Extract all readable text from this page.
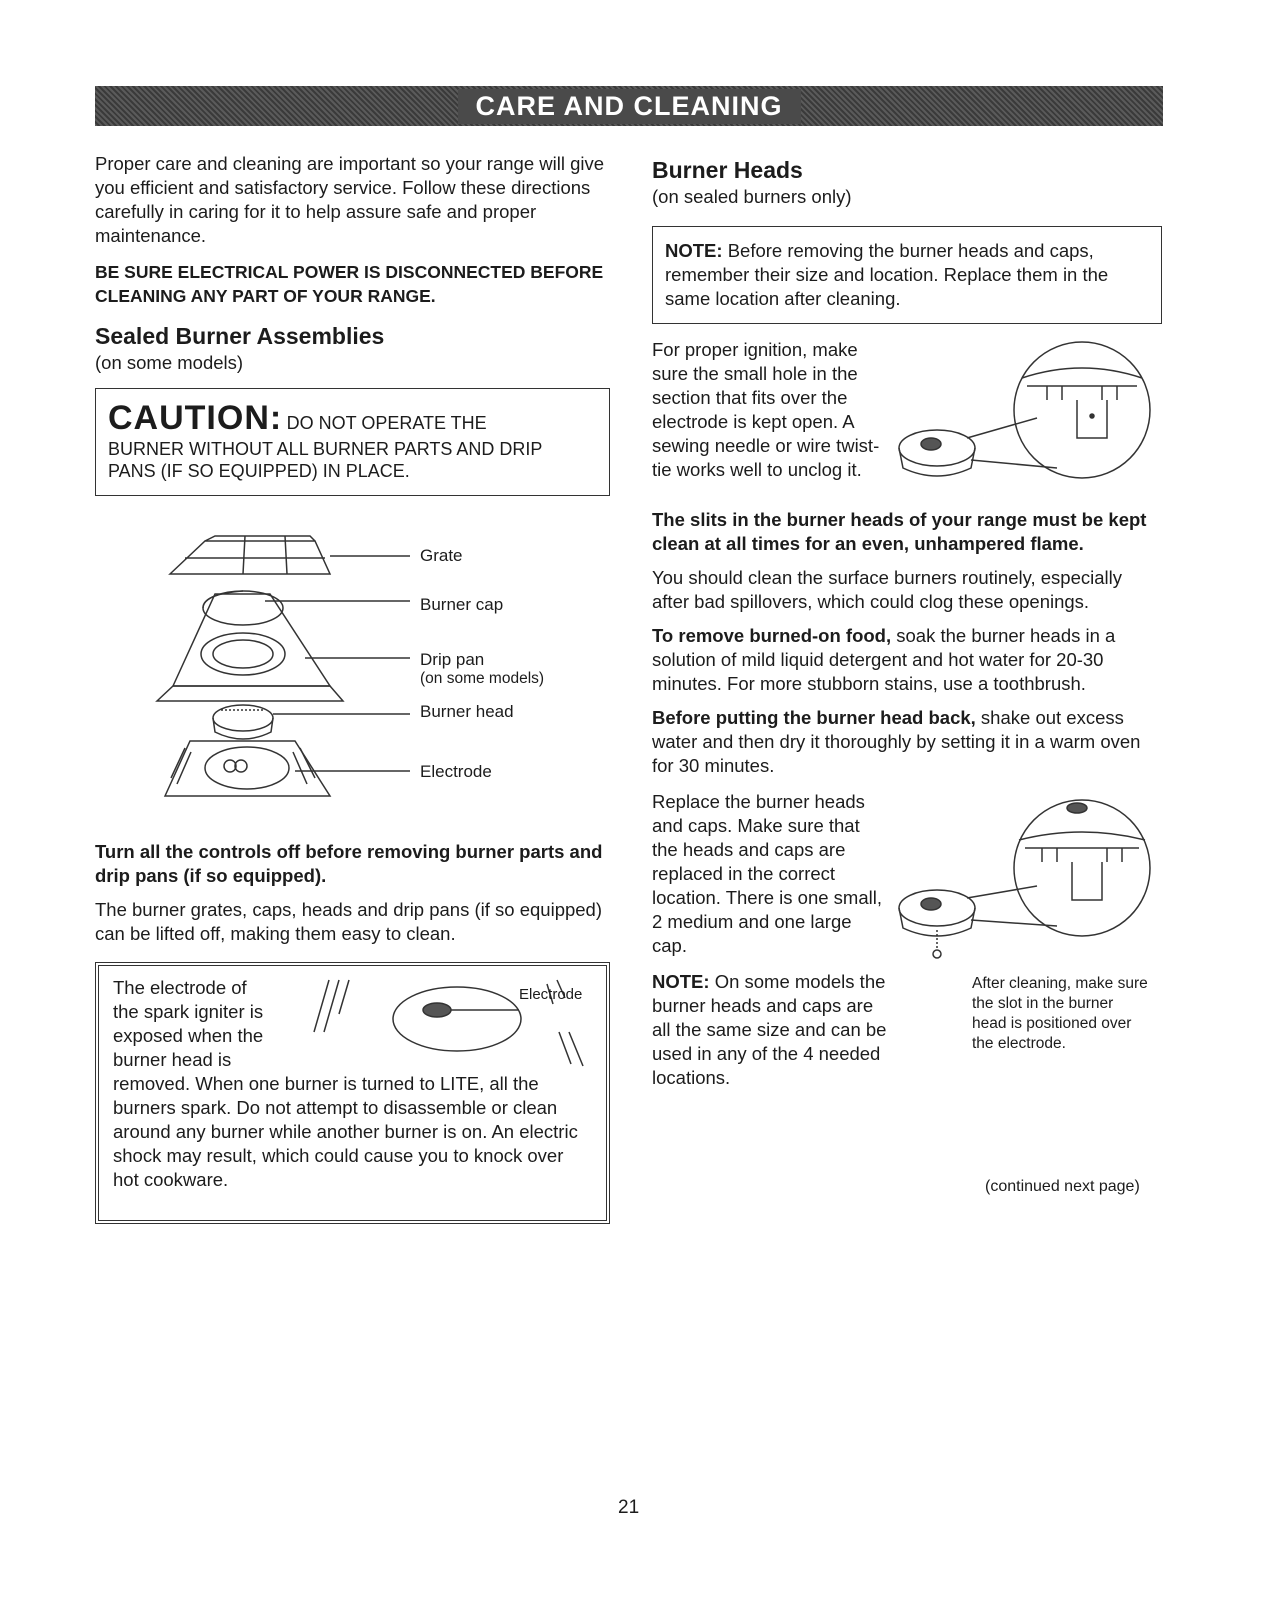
CARE AND CLEANING

Proper care and cleaning are important so your range will give you efficient and satisfactory service. Follow these directions carefully in caring for it to help assure safe and proper maintenance.

BE SURE ELECTRICAL POWER IS DISCONNECTED BEFORE CLEANING ANY PART OF YOUR RANGE.

Sealed Burner Assemblies

(on some models)

CAUTION: DO NOT OPERATE THE
BURNER WITHOUT ALL BURNER PARTS AND DRIP
PANS (IF SO EQUIPPED) IN PLACE.
Grate
Burner cap
Drip pan
(on some models)
Burner head
Electrode

Turn all the controls off before removing burner parts and drip pans (if so equipped).

The burner grates, caps, heads and drip pans (if so equipped) can be lifted off, making them easy to clean.

Electrode
The electrode of
the spark igniter is
exposed when the
burner head is
removed. When one burner is turned to LITE, all the burners spark. Do not attempt to disassemble or clean around any burner while another burner is on. An electric shock may result, which could cause you to knock over hot cookware.

Burner Heads

(on sealed burners only)

NOTE: Before removing the burner heads and caps, remember their size and location. Replace them in the same location after cleaning.

For proper ignition, make sure the small hole in the section that fits over the electrode is kept open. A sewing needle or wire twist-tie works well to unclog it.

The slits in the burner heads of your range must be kept clean at all times for an even, unhampered flame.

You should clean the surface burners routinely, especially after bad spillovers, which could clog these openings.

To remove burned-on food, soak the burner heads in a solution of mild liquid detergent and hot water for 20-30 minutes. For more stubborn stains, use a toothbrush.

Before putting the burner head back, shake out excess water and then dry it thoroughly by setting it in a warm oven for 30 minutes.

Replace the burner heads and caps. Make sure that the heads and caps are replaced in the correct location. There is one small, 2 medium and one large cap.

NOTE: On some models the burner heads and caps are all the same size and can be used in any of the 4 needed locations.

After cleaning, make sure the slot in the burner head is positioned over the electrode.

(continued next page)
21
